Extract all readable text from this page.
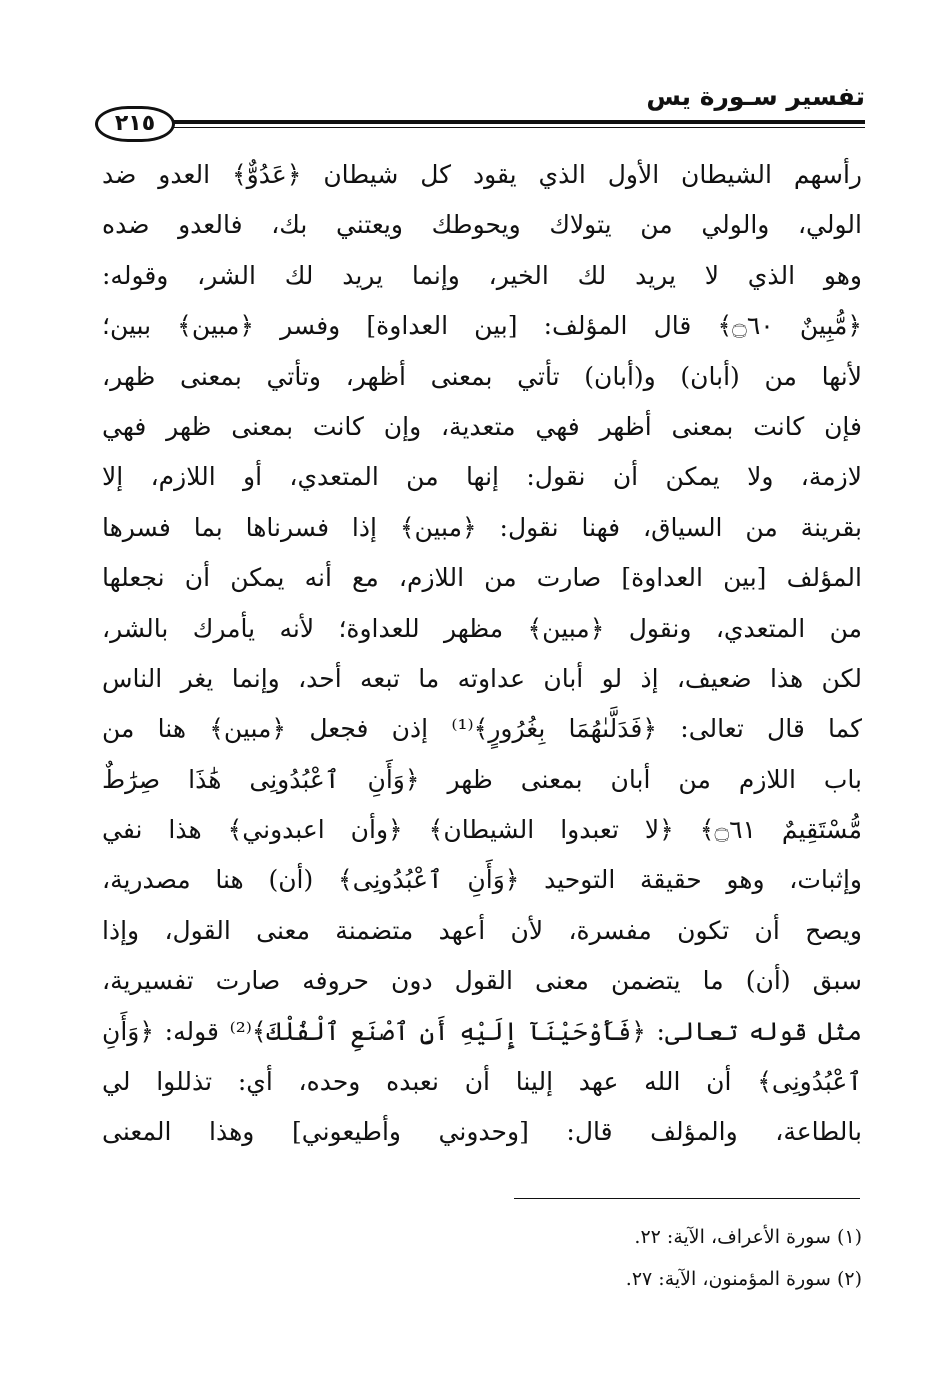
تفسير سـورة يس
٢١٥
رأسهم الشيطان الأول الذي يقود كل شيطان ﴿عَدُوٌّ﴾ العدو ضد
الولي، والولي من يتولاك ويحوطك ويعتني بك، فالعدو ضده
وهو الذي لا يريد لك الخير، وإنما يريد لك الشر، وقوله:
﴿مُّبِينٌ ۝٦٠﴾ قال المؤلف: [بين العداوة] وفسر ﴿مبين﴾ ببين؛
لأنها من (أبان) و(أبان) تأتي بمعنى أظهر، وتأتي بمعنى ظهر،
فإن كانت بمعنى أظهر فهي متعدية، وإن كانت بمعنى ظهر فهي
لازمة، ولا يمكن أن نقول: إنها من المتعدي، أو اللازم، إلا
بقرينة من السياق، فهنا نقول: ﴿مبين﴾ إذا فسرناها بما فسرها
المؤلف [بين العداوة] صارت من اللازم، مع أنه يمكن أن نجعلها
من المتعدي، ونقول ﴿مبين﴾ مظهر للعداوة؛ لأنه يأمرك بالشر،
لكن هذا ضعيف، إذ لو أبان عداوته ما تبعه أحد، وإنما يغر الناس
كما قال تعالى: ﴿فَدَلَّىٰهُمَا بِغُرُورٍ﴾⁽¹⁾ إذن فجعل ﴿مبين﴾ هنا من
باب اللازم من أبان بمعنى ظهر ﴿وَأَنِ ٱعْبُدُونِى هَٰذَا صِرَٰطٌ
مُّسْتَقِيمٌ ۝٦١﴾ ﴿لا تعبدوا الشيطان﴾ ﴿وأن اعبدوني﴾ هذا نفي
وإثبات، وهو حقيقة التوحيد ﴿وَأَنِ ٱعْبُدُونِى﴾ (أن) هنا مصدرية،
ويصح أن تكون مفسرة، لأن أعهد متضمنة معنى القول، وإذا
سبق (أن) ما يتضمن معنى القول دون حروفه صارت تفسيرية،
مثل قوله تعالى: ﴿فَأَوْحَيْنَآ إِلَيْهِ أَنِ ٱصْنَعِ ٱلْفُلْكَ﴾⁽²⁾ قوله: ﴿وَأَنِ
ٱعْبُدُونِى﴾ أن الله عهد إلينا أن نعبده وحده، أي: تذللوا لي
بالطاعة، والمؤلف قال: [وحدوني وأطيعوني] وهذا المعنى
(١) سورة الأعراف، الآية: ٢٢.
(٢) سورة المؤمنون، الآية: ٢٧.
